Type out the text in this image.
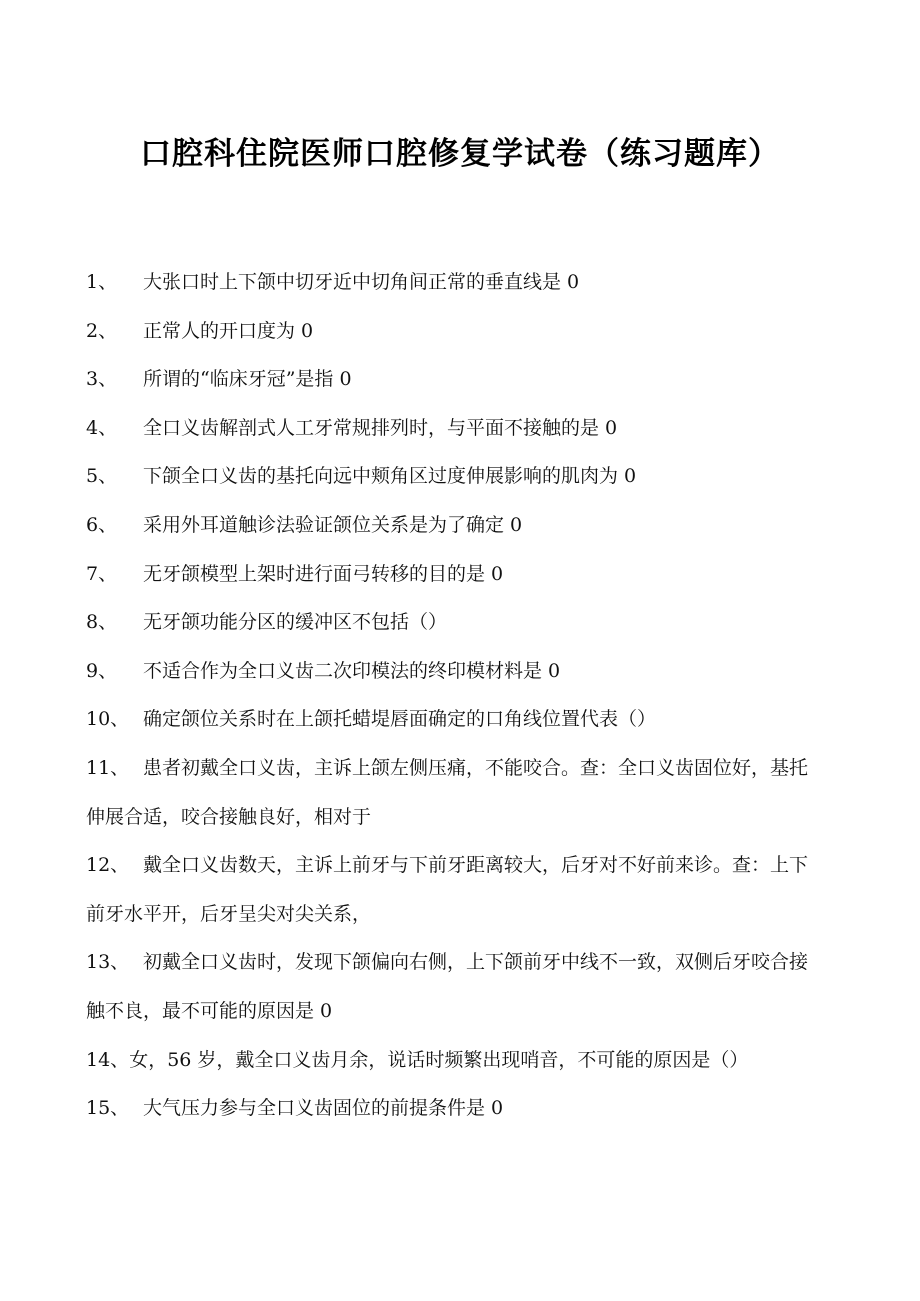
口腔科住院医师口腔修复学试卷（练习题库）
1、 大张口时上下颌中切牙近中切角间正常的垂直线是 0
2、 正常人的开口度为 0
3、 所谓的“临床牙冠”是指 0
4、 全口义齿解剖式人工牙常规排列时，与平面不接触的是 0
5、 下颌全口义齿的基托向远中颊角区过度伸展影响的肌肉为 0
6、 采用外耳道触诊法验证颌位关系是为了确定 0
7、 无牙颌模型上架时进行面弓转移的目的是 0
8、 无牙颌功能分区的缓冲区不包括（）
9、 不适合作为全口义齿二次印模法的终印模材料是 0
10、 确定颌位关系时在上颌托蜡堤唇面确定的口角线位置代表（）
11、 患者初戴全口义齿，主诉上颌左侧压痛，不能咬合。查：全口义齿固位好，基托伸展合适，咬合接触良好，相对于
12、 戴全口义齿数天，主诉上前牙与下前牙距离较大，后牙对不好前来诊。查：上下前牙水平开，后牙呈尖对尖关系，
13、 初戴全口义齿时，发现下颌偏向右侧，上下颌前牙中线不一致，双侧后牙咬合接触不良，最不可能的原因是 0
14、女，56 岁，戴全口义齿月余，说话时频繁出现哨音，不可能的原因是（）
15、 大气压力参与全口义齿固位的前提条件是 0
